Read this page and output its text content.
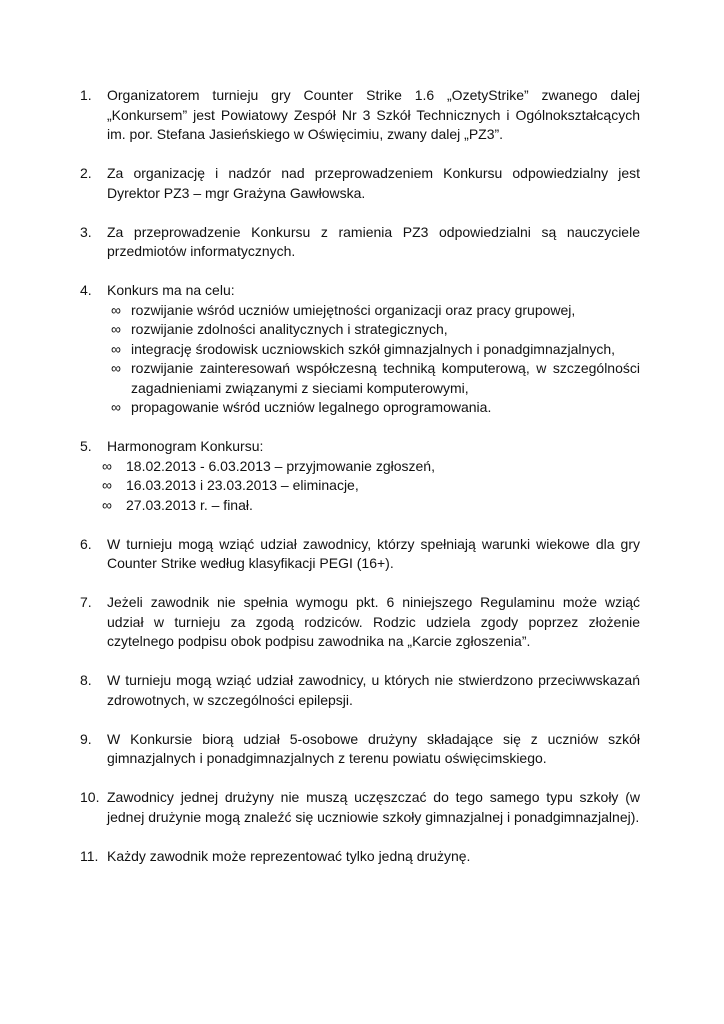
1.	Organizatorem turnieju gry Counter Strike 1.6 „OzetyStrike” zwanego dalej „Konkursem” jest Powiatowy Zespół Nr 3 Szkół Technicznych i Ogólnokształcących im. por. Stefana Jasieńskiego w Oświęcimiu, zwany dalej „PZ3”.
2.	Za organizację i nadzór nad przeprowadzeniem Konkursu odpowiedzialny jest Dyrektor PZ3 – mgr Grażyna Gawłowska.
3.	Za przeprowadzenie Konkursu z ramienia PZ3 odpowiedzialni są nauczyciele przedmiotów informatycznych.
4.	Konkurs ma na celu:
∞ rozwijanie wśród uczniów umiejętności organizacji oraz pracy grupowej,
∞ rozwijanie zdolności analitycznych i strategicznych,
∞ integrację środowisk uczniowskich szkół gimnazjalnych i ponadgimnazjalnych,
∞ rozwijanie zainteresowań współczesną techniką komputerową, w szczególności zagadnieniami związanymi z sieciami komputerowymi,
∞ propagowanie wśród uczniów legalnego oprogramowania.
5.	Harmonogram Konkursu:
∞	18.02.2013 - 6.03.2013 – przyjmowanie zgłoszeń,
∞	16.03.2013 i 23.03.2013 – eliminacje,
∞	27.03.2013 r. – finał.
6.	W turnieju mogą wziąć udział zawodnicy, którzy spełniają warunki wiekowe dla gry Counter Strike według klasyfikacji PEGI (16+).
7.	Jeżeli zawodnik nie spełnia wymogu pkt. 6 niniejszego Regulaminu może wziąć udział w turnieju za zgodą rodziców. Rodzic udziela zgody poprzez złożenie czytelnego podpisu obok podpisu zawodnika na „Karcie zgłoszenia”.
8.	W turnieju mogą wziąć udział zawodnicy, u których nie stwierdzono przeciwwskazań zdrowotnych, w szczególności epilepsji.
9.	W Konkursie biorą udział 5-osobowe drużyny składające się z uczniów szkół gimnazjalnych i ponadgimnazjalnych z terenu powiatu oświęcimskiego.
10. Zawodnicy jednej drużyny nie muszą uczęszczać do tego samego typu szkoły (w jednej drużynie mogą znaleźć się uczniowie szkoły gimnazjalnej i ponadgimnazjalnej).
11. Każdy zawodnik może reprezentować tylko jedną drużynę.
